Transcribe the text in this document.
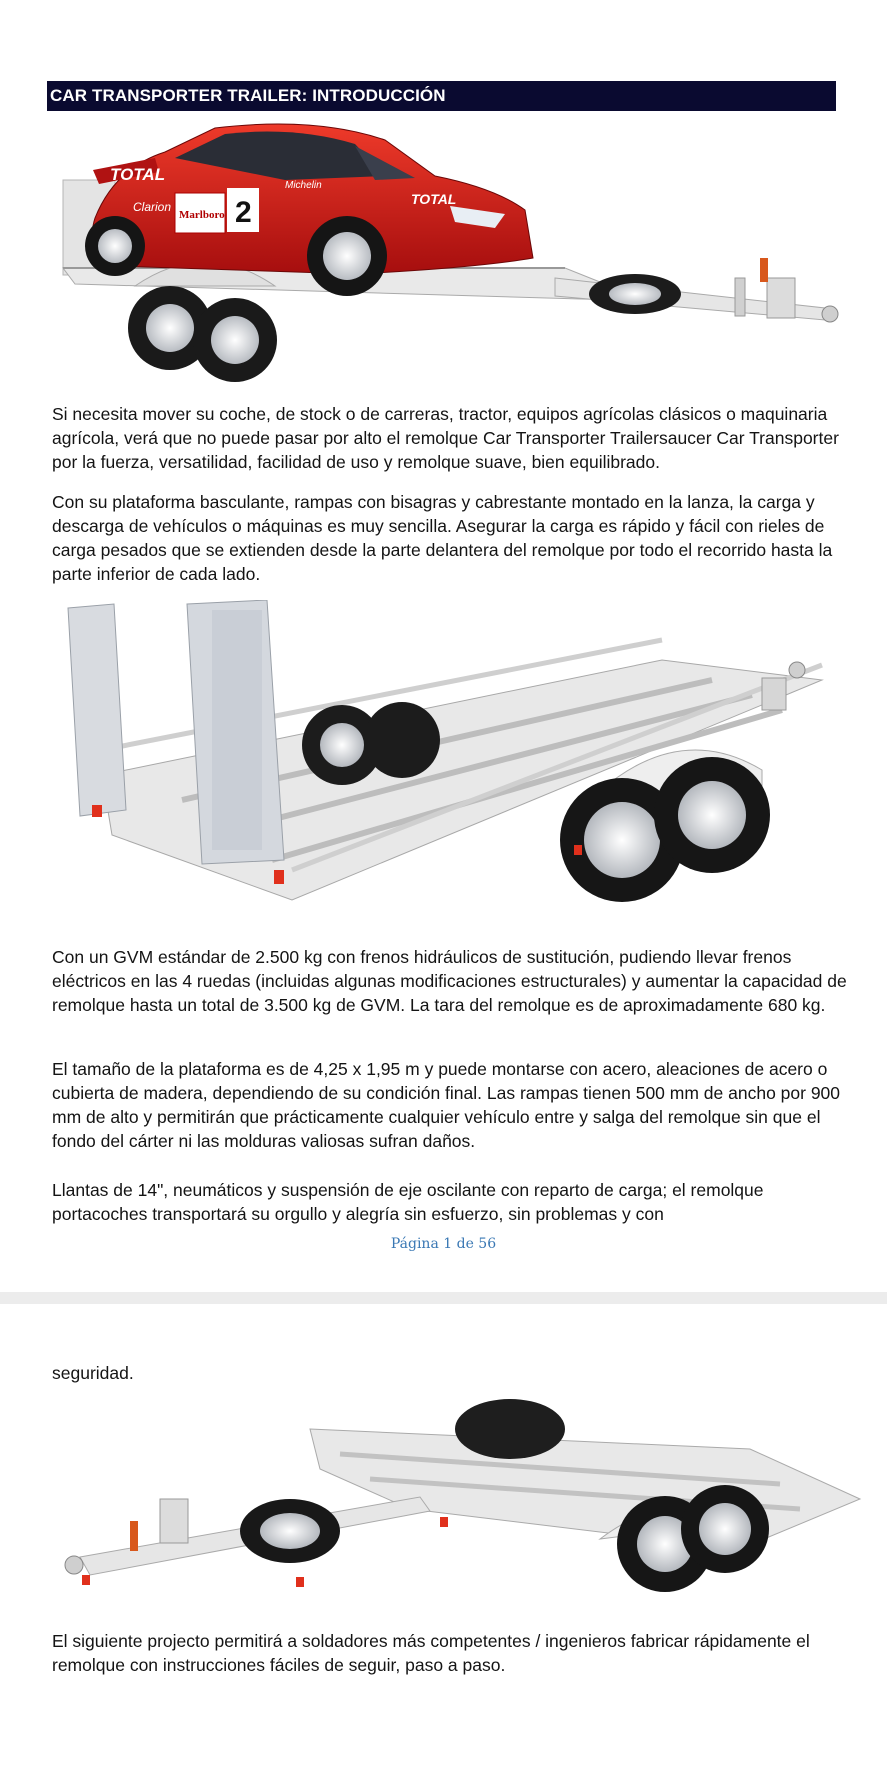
CAR TRANSPORTER TRAILER: INTRODUCCIÓN
TOTAL
Clarion
Marlboro 2
Michelin
TOTAL
Si necesita mover su coche, de stock o de carreras, tractor, equipos agrícolas clásicos o maquinaria agrícola, verá que no puede pasar por alto el remolque Car Transporter Trailersaucer Car Transporter por la fuerza, versatilidad, facilidad de uso y remolque suave, bien equilibrado.
Con su plataforma basculante, rampas con bisagras y cabrestante montado en la lanza, la carga y descarga de vehículos o máquinas es muy sencilla. Asegurar la carga es rápido y fácil con rieles de carga pesados que se extienden desde la parte delantera del remolque por todo el recorrido hasta la parte inferior de cada lado.
Con un GVM estándar de 2.500 kg con frenos hidráulicos de sustitución, pudiendo llevar frenos eléctricos en las 4 ruedas (incluidas algunas modificaciones estructurales) y aumentar la capacidad de remolque hasta un total de 3.500 kg de GVM. La tara del remolque es de aproximadamente 680 kg.
El tamaño de la plataforma es de 4,25 x 1,95 m y puede montarse con acero, aleaciones de acero o cubierta de madera, dependiendo de su condición final. Las rampas tienen 500 mm de ancho por 900 mm de alto y permitirán que prácticamente cualquier vehículo entre y salga del remolque sin que el fondo del cárter ni las molduras valiosas sufran daños.
Llantas de 14", neumáticos y suspensión de eje oscilante con reparto de carga; el remolque portacoches transportará su orgullo y alegría sin esfuerzo, sin problemas y con
Página 1 de 56
seguridad.
El siguiente projecto permitirá a soldadores más competentes / ingenieros fabricar rápidamente el remolque con instrucciones fáciles de seguir, paso a paso.
